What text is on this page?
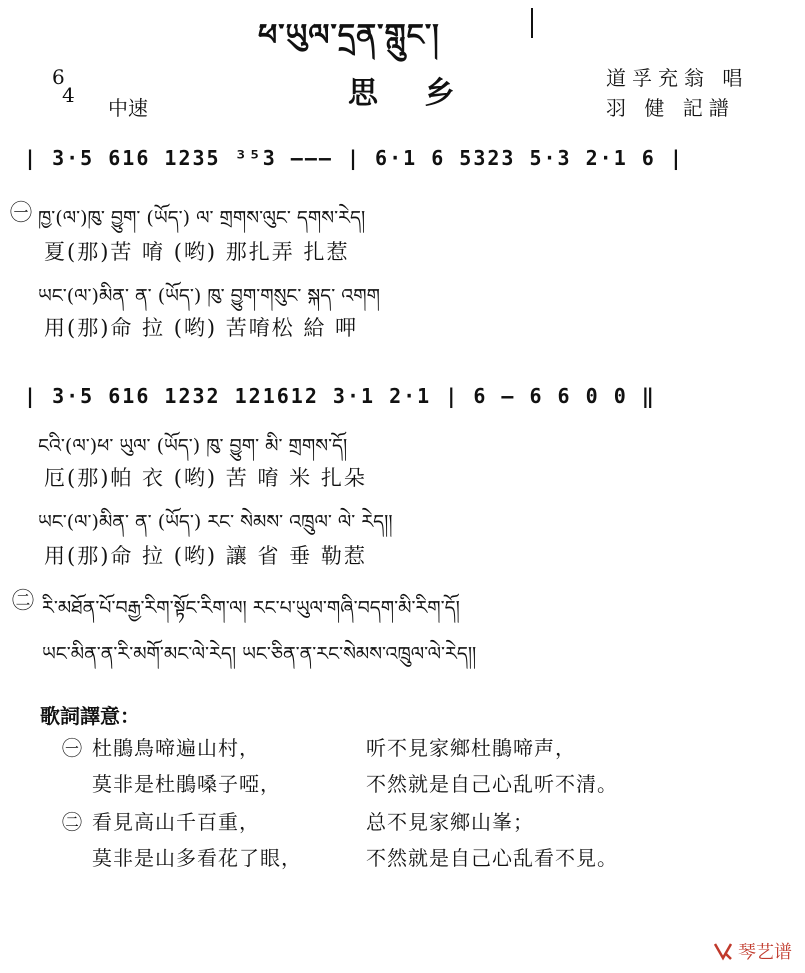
ཕ་ཡུལ་དྲན་གླུང་།
6
4
中速	思 乡	道孚充翁 唱
羽 健 記譜
| 3·5 616 1235 ³⁵3 ——— | 6·1 6 5323 5·3 2·1 6 |
㊀ ཁྱ་(ལ་)ཁུ་ བྱུག་ (ཡོད་) ལ་ གྲགས་ལུང་ དགས་རེད།
夏(那)苦 唷 (哟) 那扎弄 扎惹
ཡང་(ལ་)མིན་ ན་ (ཡོད་) ཁུ་ བྱུག་གསུང་ སྐད་ འགག
用(那)命 拉 (哟) 苦唷松 給 呷
| 3·5 616 1232 121612 3·1 2·1 | 6 — 6 6 0 0 ‖
ངའི་(ལ་)ཕ་ ཡུལ་ (ཡོད་) ཁུ་ བྱུག་ མི་ གྲགས་དོ།
厄(那)帕 衣 (哟) 苦 唷 米 扎朵
ཡང་(ལ་)མིན་ ན་ (ཡོད་) རང་ སེམས་ འཁྲུལ་ ལེ་ རེད།།
用(那)命 拉 (哟) 讓 省 垂 勒惹
㊁ རི་མཐོན་པོ་བརྒྱ་རིག་སྟོང་རིག་ལ། རང་པ་ཡུལ་གཞི་བདག་མི་རིག་དོ།
ཡང་མིན་ན་རི་མགོ་མང་ལེ་རེད། ཡང་ཅིན་ན་རང་སེམས་འཁྲུལ་ལེ་རེད།།
歌詞譯意：
㊀ 杜鵑鳥啼遍山村，	听不見家鄉杜鵑啼声，
莫非是杜鵑嗓子啞，	不然就是自己心乱听不清。
㊁ 看見高山千百重，	总不見家鄉山峯；
莫非是山多看花了眼，	不然就是自己心乱看不見。
琴艺谱
